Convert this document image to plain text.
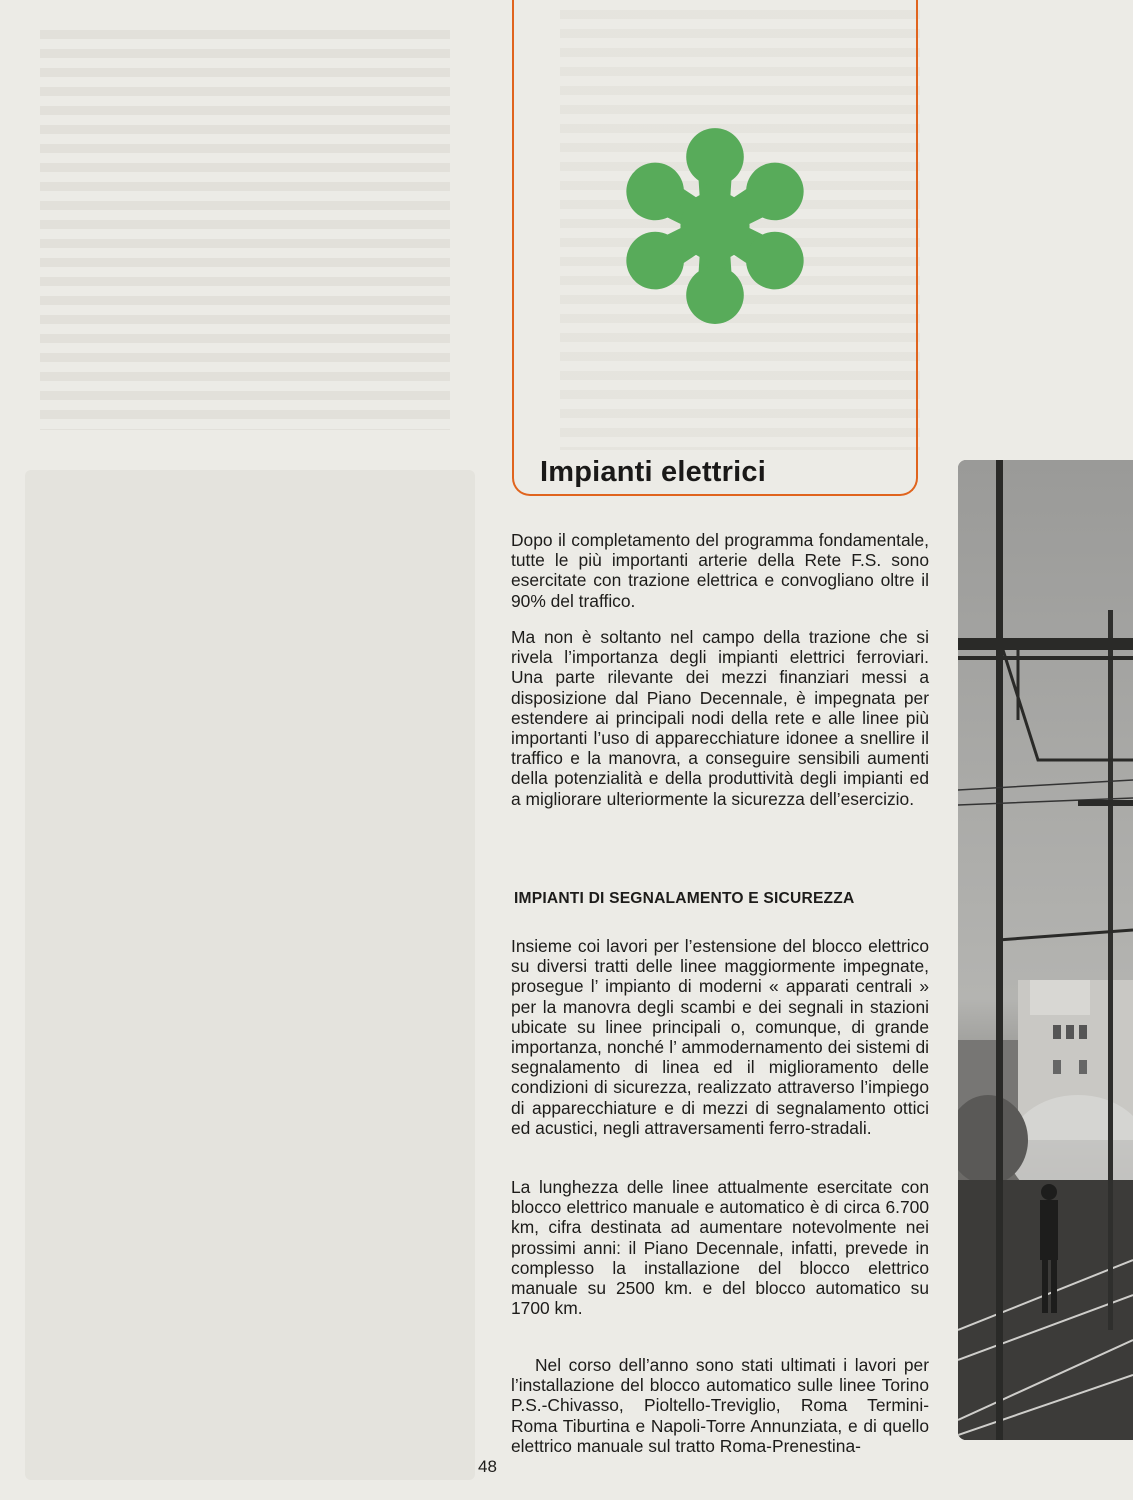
Impianti elettrici

Dopo il completamento del programma fondamentale, tutte le più importanti arterie della Rete F.S. sono esercitate con trazione elettrica e convogliano oltre il 90% del traffico.

Ma non è soltanto nel campo della trazione che si rivela l’importanza degli impianti elettrici ferroviari. Una parte rilevante dei mezzi finanziari messi a disposizione dal Piano Decennale, è impegnata per estendere ai principali nodi della rete e alle linee più importanti l’uso di apparecchiature idonee a snellire il traffico e la manovra, a conseguire sensibili aumenti della potenzialità e della produttività degli impianti ed a migliorare ulteriormente la sicurezza dell’esercizio.

IMPIANTI DI SEGNALAMENTO E SICUREZZA

Insieme coi lavori per l’estensione del blocco elettrico su diversi tratti delle linee maggiormente impegnate, prosegue l’ impianto di moderni « apparati centrali » per la manovra degli scambi e dei segnali in stazioni ubicate su linee principali o, comunque, di grande importanza, nonché l’ ammodernamento dei sistemi di segnalamento di linea ed il miglioramento delle condizioni di sicurezza, realizzato attraverso l’impiego di apparecchiature e di mezzi di segnalamento ottici ed acustici, negli attraversamenti ferro-stradali.

La lunghezza delle linee attualmente esercitate con blocco elettrico manuale e automatico è di circa 6.700 km, cifra destinata ad aumentare notevolmente nei prossimi anni: il Piano Decennale, infatti, prevede in complesso la installazione del blocco elettrico manuale su 2500 km. e del blocco automatico su 1700 km.

Nel corso dell’anno sono stati ultimati i lavori per l’installazione del blocco automatico sulle linee Torino P.S.-Chivasso, Pioltello-Treviglio, Roma Termini-Roma Tiburtina e Napoli-Torre Annunziata, e di quello elettrico manuale sul tratto Roma-Prenestina-

48
